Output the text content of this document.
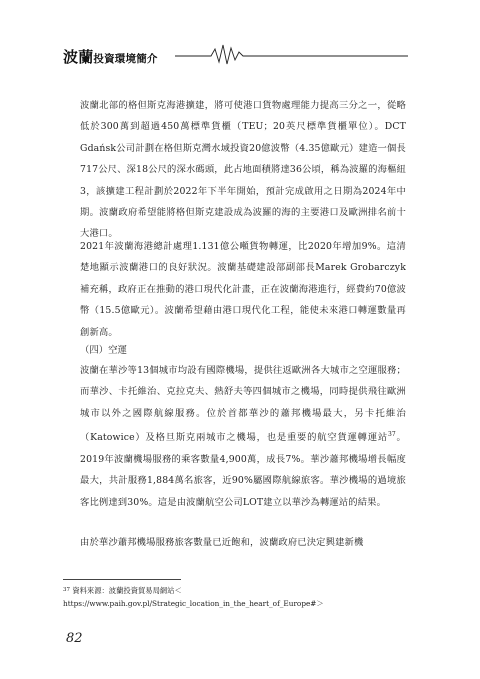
波蘭投資環境簡介
波蘭北部的格但斯克海港擴建，將可使港口貨物處理能力提高三分之一，從略低於300萬到超過450萬標準貨櫃（TEU；20英尺標準貨櫃單位）。DCT Gdańsk公司計劃在格但斯克灣水域投資20億波幣（4.35億歐元）建造一個長717公尺、深18公尺的深水碼頭，此占地面積將達36公頃，稱為波羅的海樞紐 3，該擴建工程計劃於2022年下半年開始，預計完成啟用之日期為2024年中期。波蘭政府希望能將格但斯克建設成為波羅的海的主要港口及歐洲排名前十大港口。
2021年波蘭海港總計處理1.131億公噸貨物轉運，比2020年增加9%。這清楚地顯示波蘭港口的良好狀況。波蘭基礎建設部副部長Marek Grobarczyk補充稱，政府正在推動的港口現代化計畫，正在波蘭海港進行，經費約70億波幣（15.5億歐元）。波蘭希望藉由港口現代化工程，能使未來港口轉運數量再創新高。
（四）空運
波蘭在華沙等13個城市均設有國際機場，提供往返歐洲各大城市之空運服務；而華沙、卡托維治、克拉克夫、熱舒夫等四個城市之機場，同時提供飛往歐洲城市以外之國際航線服務。位於首都華沙的蕭邦機場最大，另卡托維治（Katowice）及格旦斯克兩城市之機場，也是重要的航空貨運轉運站$^{37}$。2019年波蘭機場服務的乘客數量4,900萬，成長7%。華沙蕭邦機場增長幅度最大，共計服務1,884萬名旅客，近90%屬國際航線旅客。華沙機場的過境旅客比例達到30%。這是由波蘭航空公司LOT建立以華沙為轉運站的結果。
由於華沙蕭邦機場服務旅客數量已近飽和，波蘭政府已決定興建新機
$^{37}$ 資料來源：波蘭投資貿易局網站＜
https://www.paih.gov.pl/Strategic_location_in_the_heart_of_Europe#＞
82
